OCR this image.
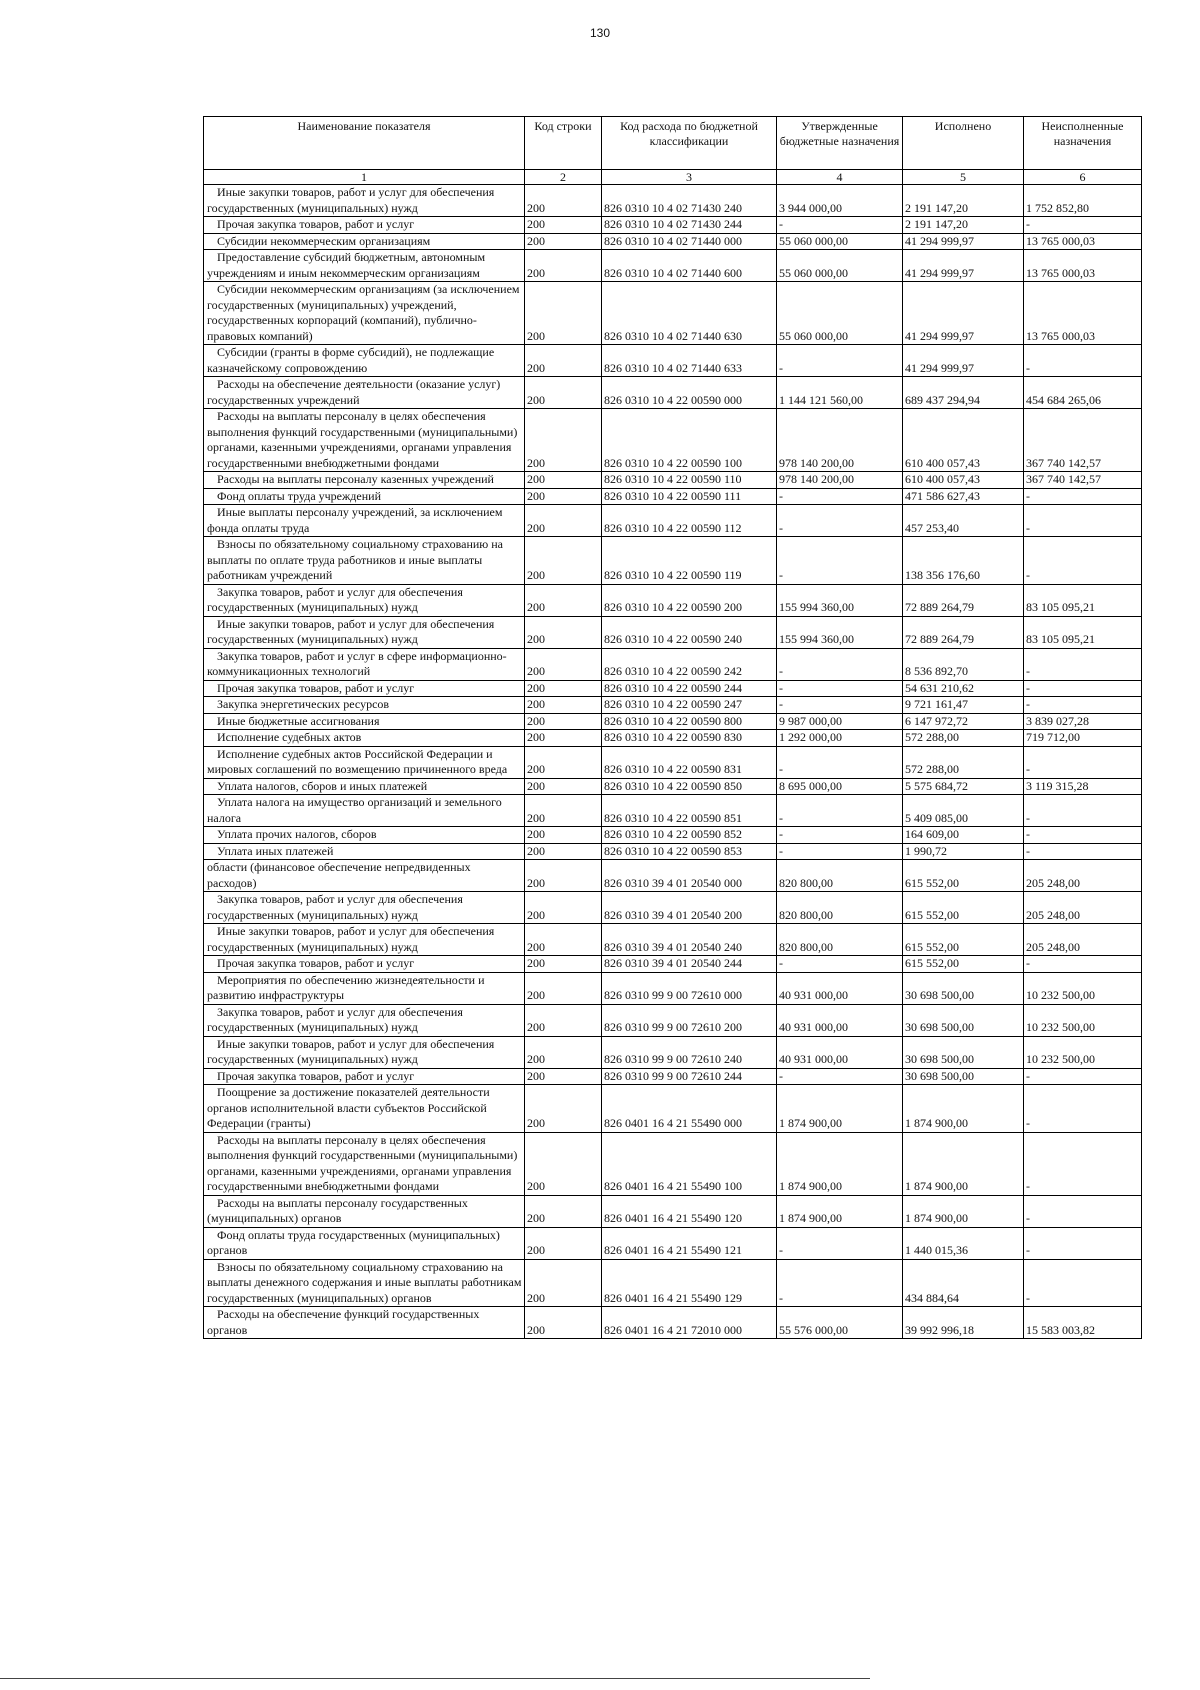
130
Наименование показателя	Код строки	Код расхода по бюджетной классификации	Утвержденные бюджетные назначения	Исполнено	Неисполненные назначения
1	2	3	4	5	6

Иные закупки товаров, работ и услуг для обеспечения государственных (муниципальных) нужд	200	826 0310 10 4 02 71430 240	3 944 000,00	2 191 147,20	1 752 852,80

Прочая закупка товаров, работ и услуг	200	826 0310 10 4 02 71430 244	-	2 191 147,20	-

Субсидии некоммерческим организациям	200	826 0310 10 4 02 71440 000	55 060 000,00	41 294 999,97	13 765 000,03

Предоставление субсидий бюджетным, автономным учреждениям и иным некоммерческим организациям	200	826 0310 10 4 02 71440 600	55 060 000,00	41 294 999,97	13 765 000,03

Субсидии некоммерческим организациям (за исключением государственных (муниципальных) учреждений, государственных корпораций (компаний), публично-правовых компаний)	200	826 0310 10 4 02 71440 630	55 060 000,00	41 294 999,97	13 765 000,03

Субсидии (гранты в форме субсидий), не подлежащие казначейскому сопровождению	200	826 0310 10 4 02 71440 633	-	41 294 999,97	-

Расходы на обеспечение деятельности (оказание услуг) государственных учреждений	200	826 0310 10 4 22 00590 000	1 144 121 560,00	689 437 294,94	454 684 265,06

Расходы на выплаты персоналу в целях обеспечения выполнения функций государственными (муниципальными) органами, казенными учреждениями, органами управления государственными внебюджетными фондами	200	826 0310 10 4 22 00590 100	978 140 200,00	610 400 057,43	367 740 142,57

Расходы на выплаты персоналу казенных учреждений	200	826 0310 10 4 22 00590 110	978 140 200,00	610 400 057,43	367 740 142,57

Фонд оплаты труда учреждений	200	826 0310 10 4 22 00590 111	-	471 586 627,43	-

Иные выплаты персоналу учреждений, за исключением фонда оплаты труда	200	826 0310 10 4 22 00590 112	-	457 253,40	-

Взносы по обязательному социальному страхованию на выплаты по оплате труда работников и иные выплаты работникам учреждений	200	826 0310 10 4 22 00590 119	-	138 356 176,60	-

Закупка товаров, работ и услуг для обеспечения государственных (муниципальных) нужд	200	826 0310 10 4 22 00590 200	155 994 360,00	72 889 264,79	83 105 095,21

Иные закупки товаров, работ и услуг для обеспечения государственных (муниципальных) нужд	200	826 0310 10 4 22 00590 240	155 994 360,00	72 889 264,79	83 105 095,21

Закупка товаров, работ и услуг в сфере информационно-коммуникационных технологий	200	826 0310 10 4 22 00590 242	-	8 536 892,70	-

Прочая закупка товаров, работ и услуг	200	826 0310 10 4 22 00590 244	-	54 631 210,62	-

Закупка энергетических ресурсов	200	826 0310 10 4 22 00590 247	-	9 721 161,47	-

Иные бюджетные ассигнования	200	826 0310 10 4 22 00590 800	9 987 000,00	6 147 972,72	3 839 027,28

Исполнение судебных актов	200	826 0310 10 4 22 00590 830	1 292 000,00	572 288,00	719 712,00

Исполнение судебных актов Российской Федерации и мировых соглашений по возмещению причиненного вреда	200	826 0310 10 4 22 00590 831	-	572 288,00	-

Уплата налогов, сборов и иных платежей	200	826 0310 10 4 22 00590 850	8 695 000,00	5 575 684,72	3 119 315,28

Уплата налога на имущество организаций и земельного налога	200	826 0310 10 4 22 00590 851	-	5 409 085,00	-

Уплата прочих налогов, сборов	200	826 0310 10 4 22 00590 852	-	164 609,00	-

Уплата иных платежей	200	826 0310 10 4 22 00590 853	-	1 990,72	-

области (финансовое обеспечение непредвиденных расходов)	200	826 0310 39 4 01 20540 000	820 800,00	615 552,00	205 248,00

Закупка товаров, работ и услуг для обеспечения государственных (муниципальных) нужд	200	826 0310 39 4 01 20540 200	820 800,00	615 552,00	205 248,00

Иные закупки товаров, работ и услуг для обеспечения государственных (муниципальных) нужд	200	826 0310 39 4 01 20540 240	820 800,00	615 552,00	205 248,00

Прочая закупка товаров, работ и услуг	200	826 0310 39 4 01 20540 244	-	615 552,00	-

Мероприятия по обеспечению жизнедеятельности и развитию инфраструктуры	200	826 0310 99 9 00 72610 000	40 931 000,00	30 698 500,00	10 232 500,00

Закупка товаров, работ и услуг для обеспечения государственных (муниципальных) нужд	200	826 0310 99 9 00 72610 200	40 931 000,00	30 698 500,00	10 232 500,00

Иные закупки товаров, работ и услуг для обеспечения государственных (муниципальных) нужд	200	826 0310 99 9 00 72610 240	40 931 000,00	30 698 500,00	10 232 500,00

Прочая закупка товаров, работ и услуг	200	826 0310 99 9 00 72610 244	-	30 698 500,00	-

Поощрение за достижение показателей деятельности органов исполнительной власти субъектов Российской Федерации (гранты)	200	826 0401 16 4 21 55490 000	1 874 900,00	1 874 900,00	-

Расходы на выплаты персоналу в целях обеспечения выполнения функций государственными (муниципальными) органами, казенными учреждениями, органами управления государственными внебюджетными фондами	200	826 0401 16 4 21 55490 100	1 874 900,00	1 874 900,00	-

Расходы на выплаты персоналу государственных (муниципальных) органов	200	826 0401 16 4 21 55490 120	1 874 900,00	1 874 900,00	-

Фонд оплаты труда государственных (муниципальных) органов	200	826 0401 16 4 21 55490 121	-	1 440 015,36	-

Взносы по обязательному социальному страхованию на выплаты денежного содержания и иные выплаты работникам государственных (муниципальных) органов	200	826 0401 16 4 21 55490 129	-	434 884,64	-

Расходы на обеспечение функций государственных органов	200	826 0401 16 4 21 72010 000	55 576 000,00	39 992 996,18	15 583 003,82
